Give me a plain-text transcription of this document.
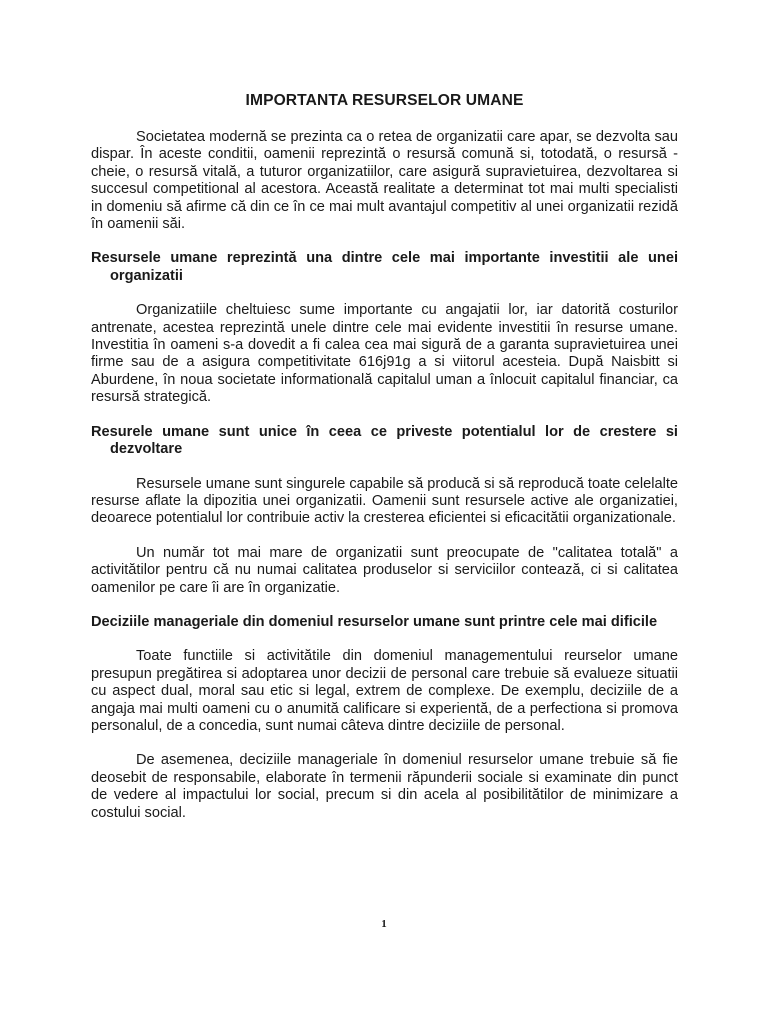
IMPORTANTA RESURSELOR UMANE

Societatea modernă se prezinta ca o retea de organizatii care apar, se dezvolta sau dispar. În aceste conditii, oamenii reprezintă o resursă comună si, totodată, o resursă - cheie, o resursă vitală, a tuturor organizatiilor, care asigură supravietuirea, dezvoltarea si succesul competitional al acestora. Această realitate a determinat tot mai multi specialisti in domeniu să afirme că din ce în ce mai mult avantajul competitiv al unei organizatii rezidă în oamenii săi.

Resursele umane reprezintă una dintre cele mai importante investitii ale unei organizatii

Organizatiile cheltuiesc sume importante cu angajatii lor, iar datorită costurilor antrenate, acestea reprezintă unele dintre cele mai evidente investitii în resurse umane. Investitia în oameni s-a dovedit a fi calea cea mai sigură de a garanta supravietuirea unei firme sau de a asigura competitivitate 616j91g a si viitorul acesteia. După Naisbitt si Aburdene, în noua societate informatională capitalul uman a înlocuit capitalul financiar, ca resursă strategică.

Resurele umane sunt unice în ceea ce priveste potentialul lor de crestere si dezvoltare

Resursele umane sunt singurele capabile să producă si să reproducă toate celelalte resurse aflate la dipozitia unei organizatii. Oamenii sunt resursele active ale organizatiei, deoarece potentialul lor contribuie activ la cresterea eficientei si eficacitătii organizationale.

Un număr tot mai mare de organizatii sunt preocupate de "calitatea totală" a activitătilor pentru că nu numai calitatea produselor si serviciilor contează, ci si calitatea oamenilor pe care îi are în organizatie.

Deciziile manageriale din domeniul resurselor umane sunt printre cele mai dificile

Toate functiile si activitătile din domeniul managementului reurselor umane presupun pregătirea si adoptarea unor decizii de personal care trebuie să evalueze situatii cu aspect dual, moral sau etic si legal, extrem de complexe. De exemplu, deciziile de a angaja mai multi oameni cu o anumită calificare si experientă, de a perfectiona si promova personalul, de a concedia, sunt numai câteva dintre deciziile de personal.

De asemenea, deciziile manageriale în domeniul resurselor umane trebuie să fie deosebit de responsabile, elaborate în termenii răpunderii sociale si examinate din punct de vedere al impactului lor social, precum si din acela al posibilitătilor de minimizare a costului social.

1
